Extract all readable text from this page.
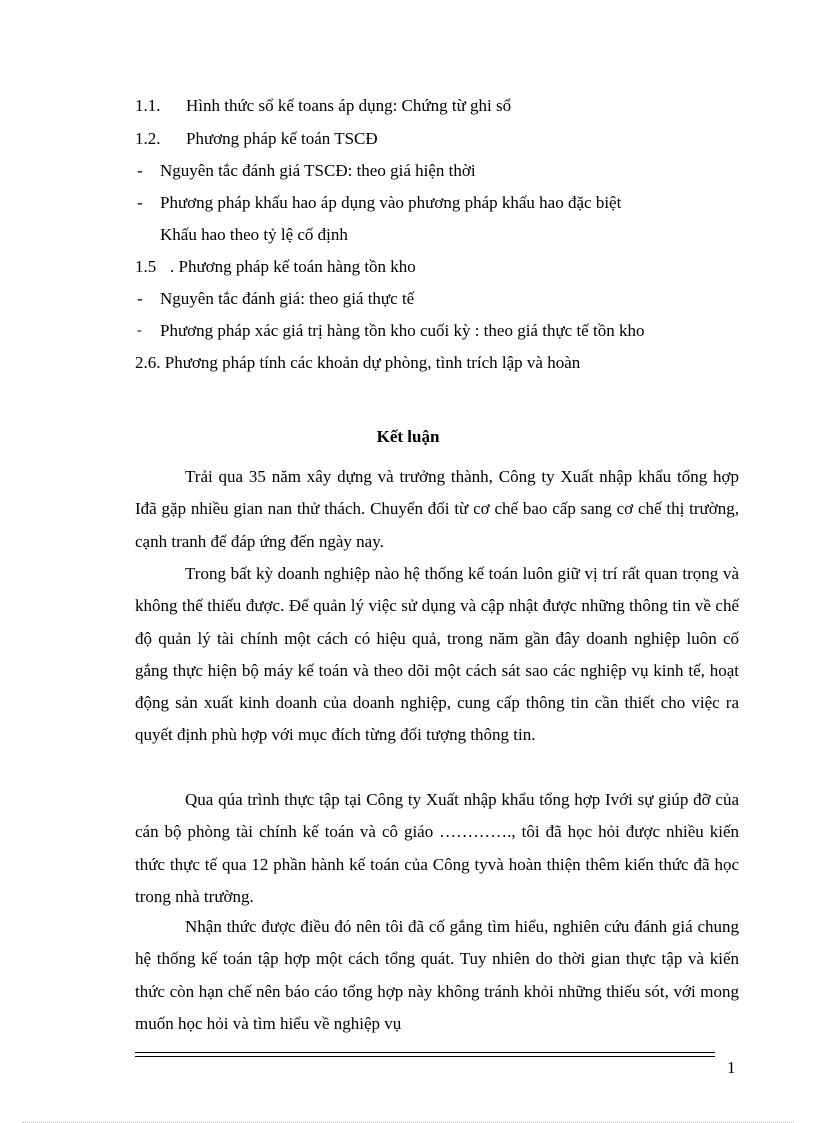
1.1. Hình thức sổ kế toans áp dụng: Chứng từ ghi sổ
1.2. Phương pháp kế toán TSCĐ
- Nguyên tắc đánh giá TSCĐ: theo giá hiện thời
- Phương pháp khấu hao áp dụng vào phương pháp khấu hao đặc biệt
Khấu hao theo tỷ lệ cố định
1.5 . Phương pháp kế toán hàng tồn kho
- Nguyên tắc đánh giá: theo giá thực tế
- Phương pháp xác giá trị hàng tồn kho cuối kỳ : theo giá thực tế tồn kho
2.6. Phương pháp tính các khoản dự phòng, tình trích lập và hoàn
Kết luận

Trải qua 35 năm xây dựng và trưởng thành, Công ty Xuất nhập khẩu tổng hợp Iđã gặp nhiều gian nan thử thách. Chuyển đổi từ cơ chế bao cấp sang cơ chế thị trường, cạnh tranh để đáp ứng đến ngày nay.

Trong bất kỳ doanh nghiệp nào hệ thống kế toán luôn giữ vị trí rất quan trọng và không thể thiếu được. Để quản lý việc sử dụng và cập nhật được những thông tin về chế độ quản lý tài chính một cách có hiệu quả, trong năm gần đây doanh nghiệp luôn cố gắng thực hiện bộ máy kế toán và theo dõi một cách sát sao các nghiệp vụ kinh tế, hoạt động sản xuất kinh doanh của doanh nghiệp, cung cấp thông tin cần thiết cho việc ra quyết định phù hợp với mục đích từng đối tượng thông tin.

Qua qúa trình thực tập tại Công ty Xuất nhập khẩu tổng hợp Ivới sự giúp đỡ của cán bộ phòng tài chính kế toán và cô giáo …………., tôi đã học hỏi được nhiều kiến thức thực tế qua 12 phần hành kế toán của Công tyvà hoàn thiện thêm kiến thức đã học trong nhà trường.

Nhận thức được điều đó nên tôi đã cố gắng tìm hiểu, nghiên cứu đánh giá chung hệ thống kế toán tập hợp một cách tổng quát. Tuy nhiên do thời gian thực tập và kiến thức còn hạn chế nên báo cáo tổng hợp này không tránh khỏi những thiếu sót, với mong muốn học hỏi và tìm hiểu về nghiệp vụ

1
